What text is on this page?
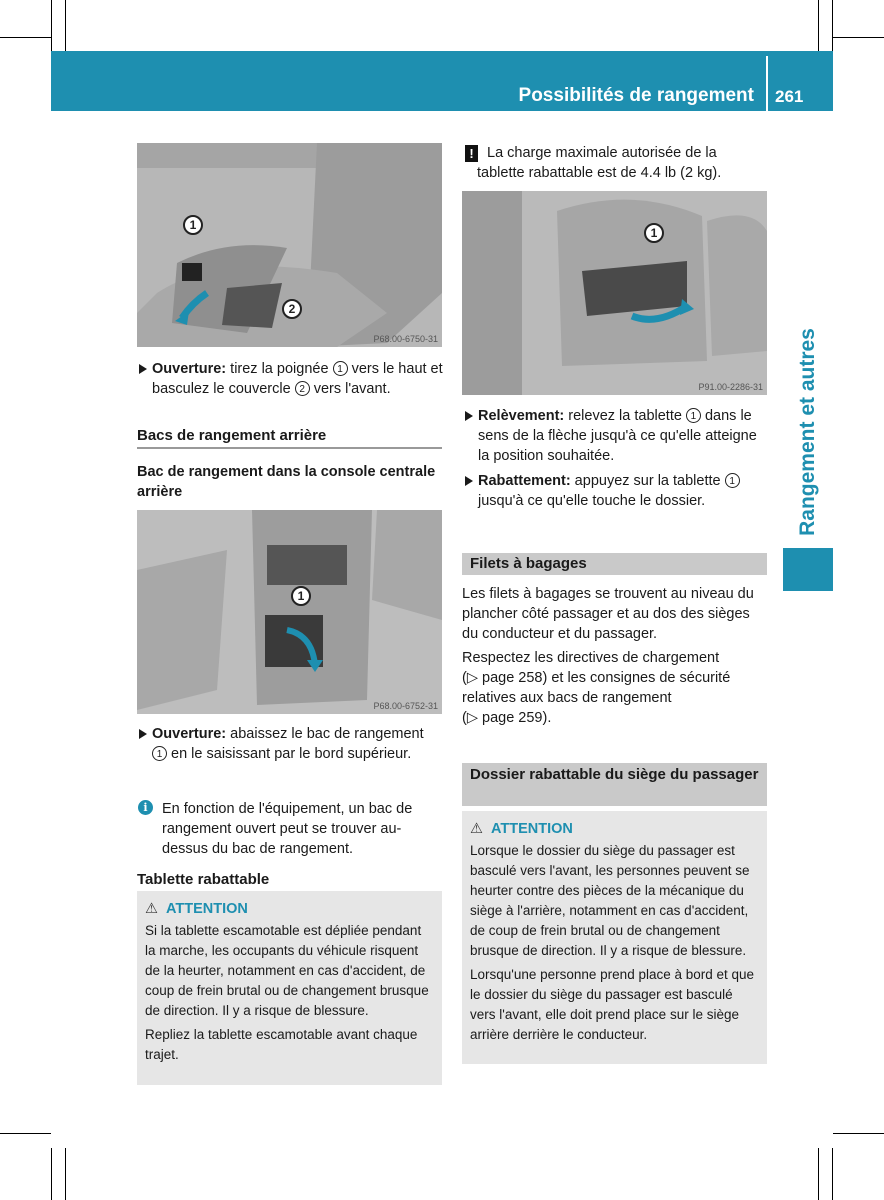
Possibilités de rangement 261
Rangement et autres
1
2
P68.00-6750-31

Ouverture: tirez la poignée 1 vers le haut et basculez le couvercle 2 vers l'avant.

Bacs de rangement arrière

Bac de rangement dans la console centrale arrière

1
P68.00-6752-31

Ouverture: abaissez le bac de rangement 1 en le saisissant par le bord supérieur.

i En fonction de l'équipement, un bac de rangement ouvert peut se trouver au-dessus du bac de rangement.

Tablette rabattable
⚠ ATTENTION

Si la tablette escamotable est dépliée pendant la marche, les occupants du véhicule risquent de la heurter, notamment en cas d'accident, de coup de frein brutal ou de changement brusque de direction. Il y a risque de blessure.

Repliez la tablette escamotable avant chaque trajet.

! La charge maximale autorisée de la tablette rabattable est de 4.4 lb (2 kg).

1
P91.00-2286-31

Relèvement: relevez la tablette 1 dans le sens de la flèche jusqu'à ce qu'elle atteigne la position souhaitée.

Rabattement: appuyez sur la tablette 1 jusqu'à ce qu'elle touche le dossier.

Filets à bagages

Les filets à bagages se trouvent au niveau du plancher côté passager et au dos des sièges du conducteur et du passager.

Respectez les directives de chargement

(▷ page 258) et les consignes de sécurité relatives aux bacs de rangement

(▷ page 259).

Dossier rabattable du siège du passager
⚠ ATTENTION

Lorsque le dossier du siège du passager est basculé vers l'avant, les personnes peuvent se heurter contre des pièces de la mécanique du siège à l'arrière, notamment en cas d'accident, de coup de frein brutal ou de changement brusque de direction. Il y a risque de blessure.

Lorsqu'une personne prend place à bord et que le dossier du siège du passager est basculé vers l'avant, elle doit prend place sur le siège arrière derrière le conducteur.
